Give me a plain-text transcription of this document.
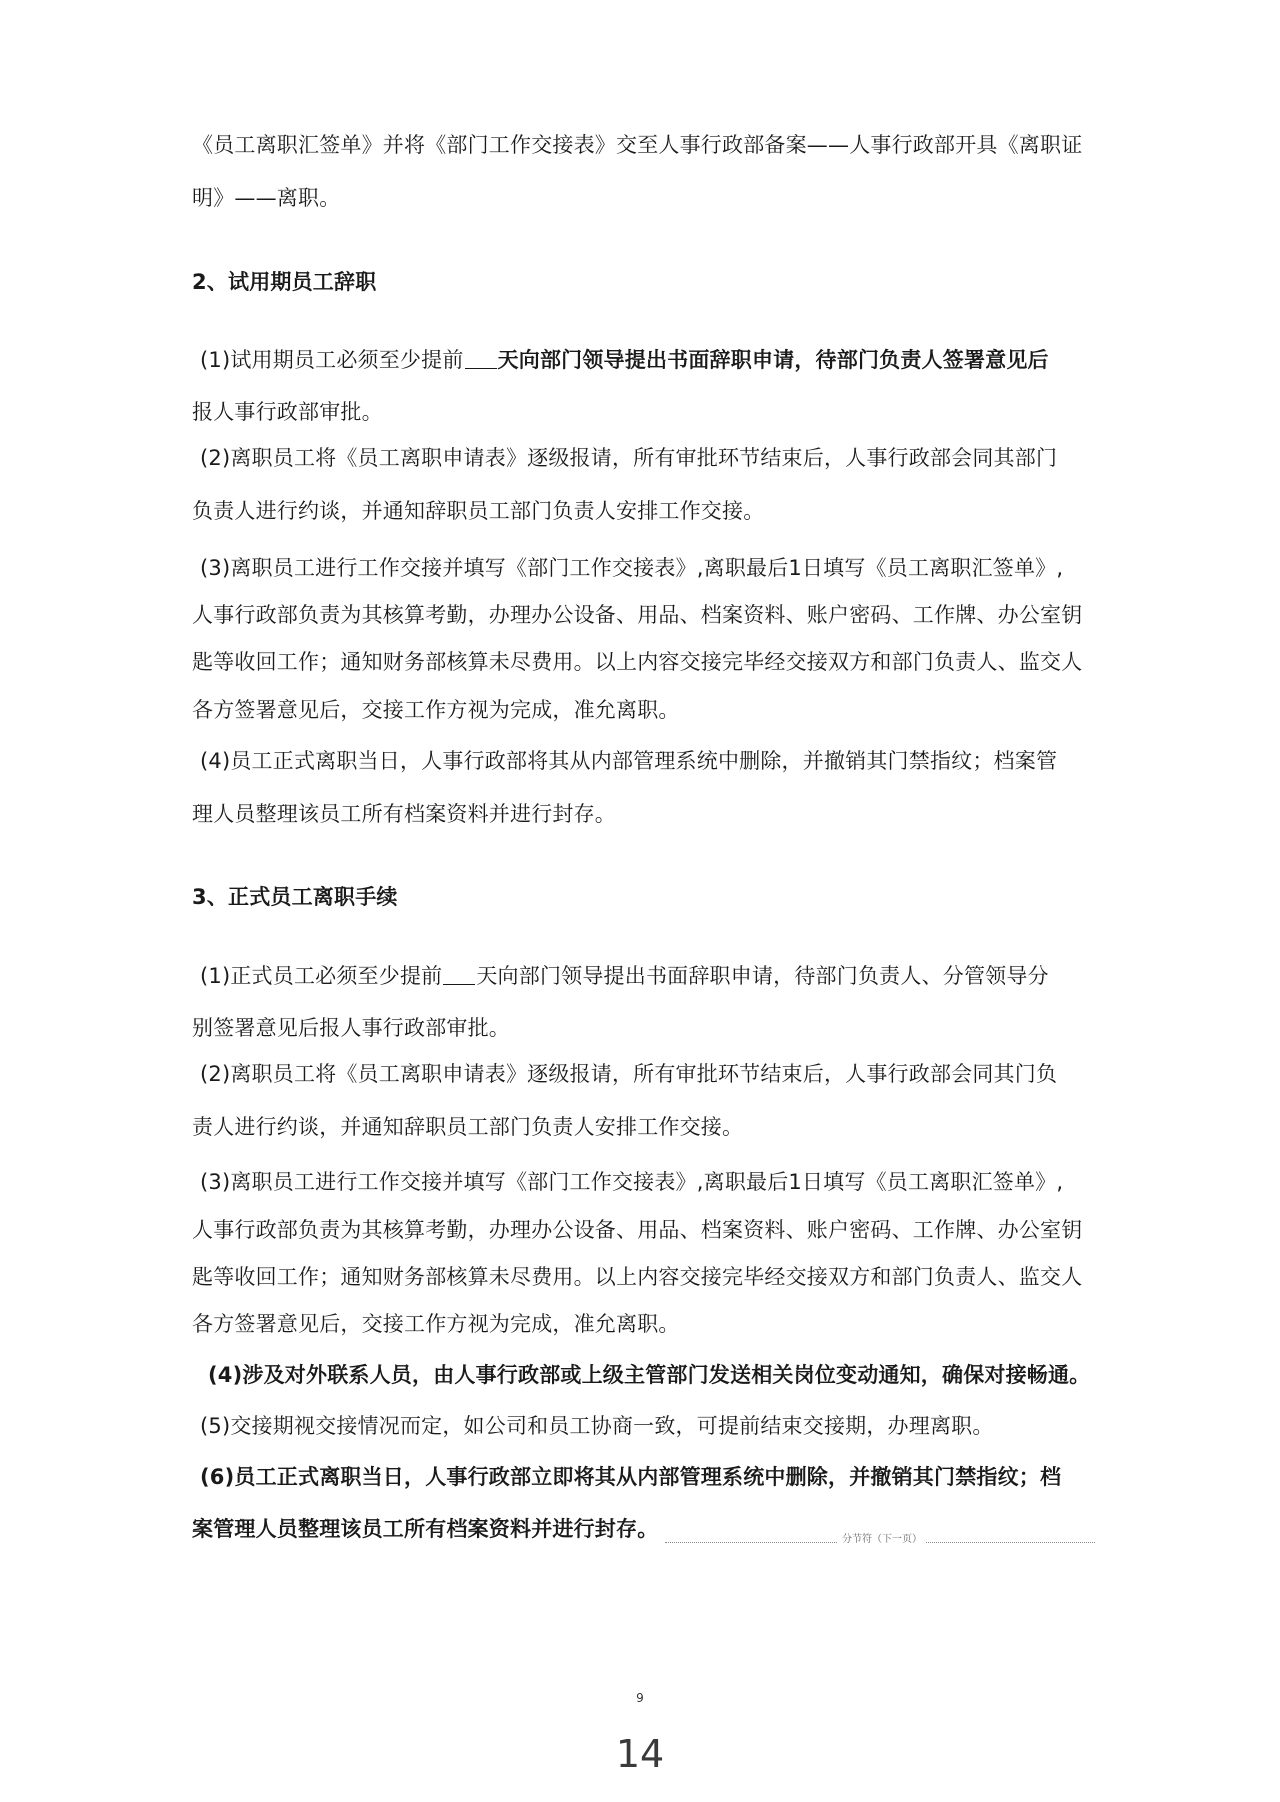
《员工离职汇签单》并将《部门工作交接表》交至人事行政部备案——人事行政部开具《离职证
明》——离职。
2、试用期员工辞职
(1)试用期员工必须至少提前 天向部门领导提出书面辞职申请，待部门负责人签署意见后
报人事行政部审批。
(2)离职员工将《员工离职申请表》逐级报请，所有审批环节结束后，人事行政部会同其部门
负责人进行约谈，并通知辞职员工部门负责人安排工作交接。
(3)离职员工进行工作交接并填写《部门工作交接表》,离职最后1日填写《员工离职汇签单》,
人事行政部负责为其核算考勤，办理办公设备、用品、档案资料、账户密码、工作牌、办公室钥
匙等收回工作；通知财务部核算未尽费用。以上内容交接完毕经交接双方和部门负责人、监交人
各方签署意见后，交接工作方视为完成，准允离职。
(4)员工正式离职当日，人事行政部将其从内部管理系统中删除，并撤销其门禁指纹；档案管
理人员整理该员工所有档案资料并进行封存。
3、正式员工离职手续
(1)正式员工必须至少提前 天向部门领导提出书面辞职申请，待部门负责人、分管领导分
别签署意见后报人事行政部审批。
(2)离职员工将《员工离职申请表》逐级报请，所有审批环节结束后，人事行政部会同其门负
责人进行约谈，并通知辞职员工部门负责人安排工作交接。
(3)离职员工进行工作交接并填写《部门工作交接表》,离职最后1日填写《员工离职汇签单》,
人事行政部负责为其核算考勤，办理办公设备、用品、档案资料、账户密码、工作牌、办公室钥
匙等收回工作；通知财务部核算未尽费用。以上内容交接完毕经交接双方和部门负责人、监交人
各方签署意见后，交接工作方视为完成，准允离职。
(4)涉及对外联系人员，由人事行政部或上级主管部门发送相关岗位变动通知，确保对接畅通。
(5)交接期视交接情况而定，如公司和员工协商一致，可提前结束交接期，办理离职。
(6)员工正式离职当日，人事行政部立即将其从内部管理系统中删除，并撤销其门禁指纹；档
案管理人员整理该员工所有档案资料并进行封存。	分节符（下一页）
9
14
